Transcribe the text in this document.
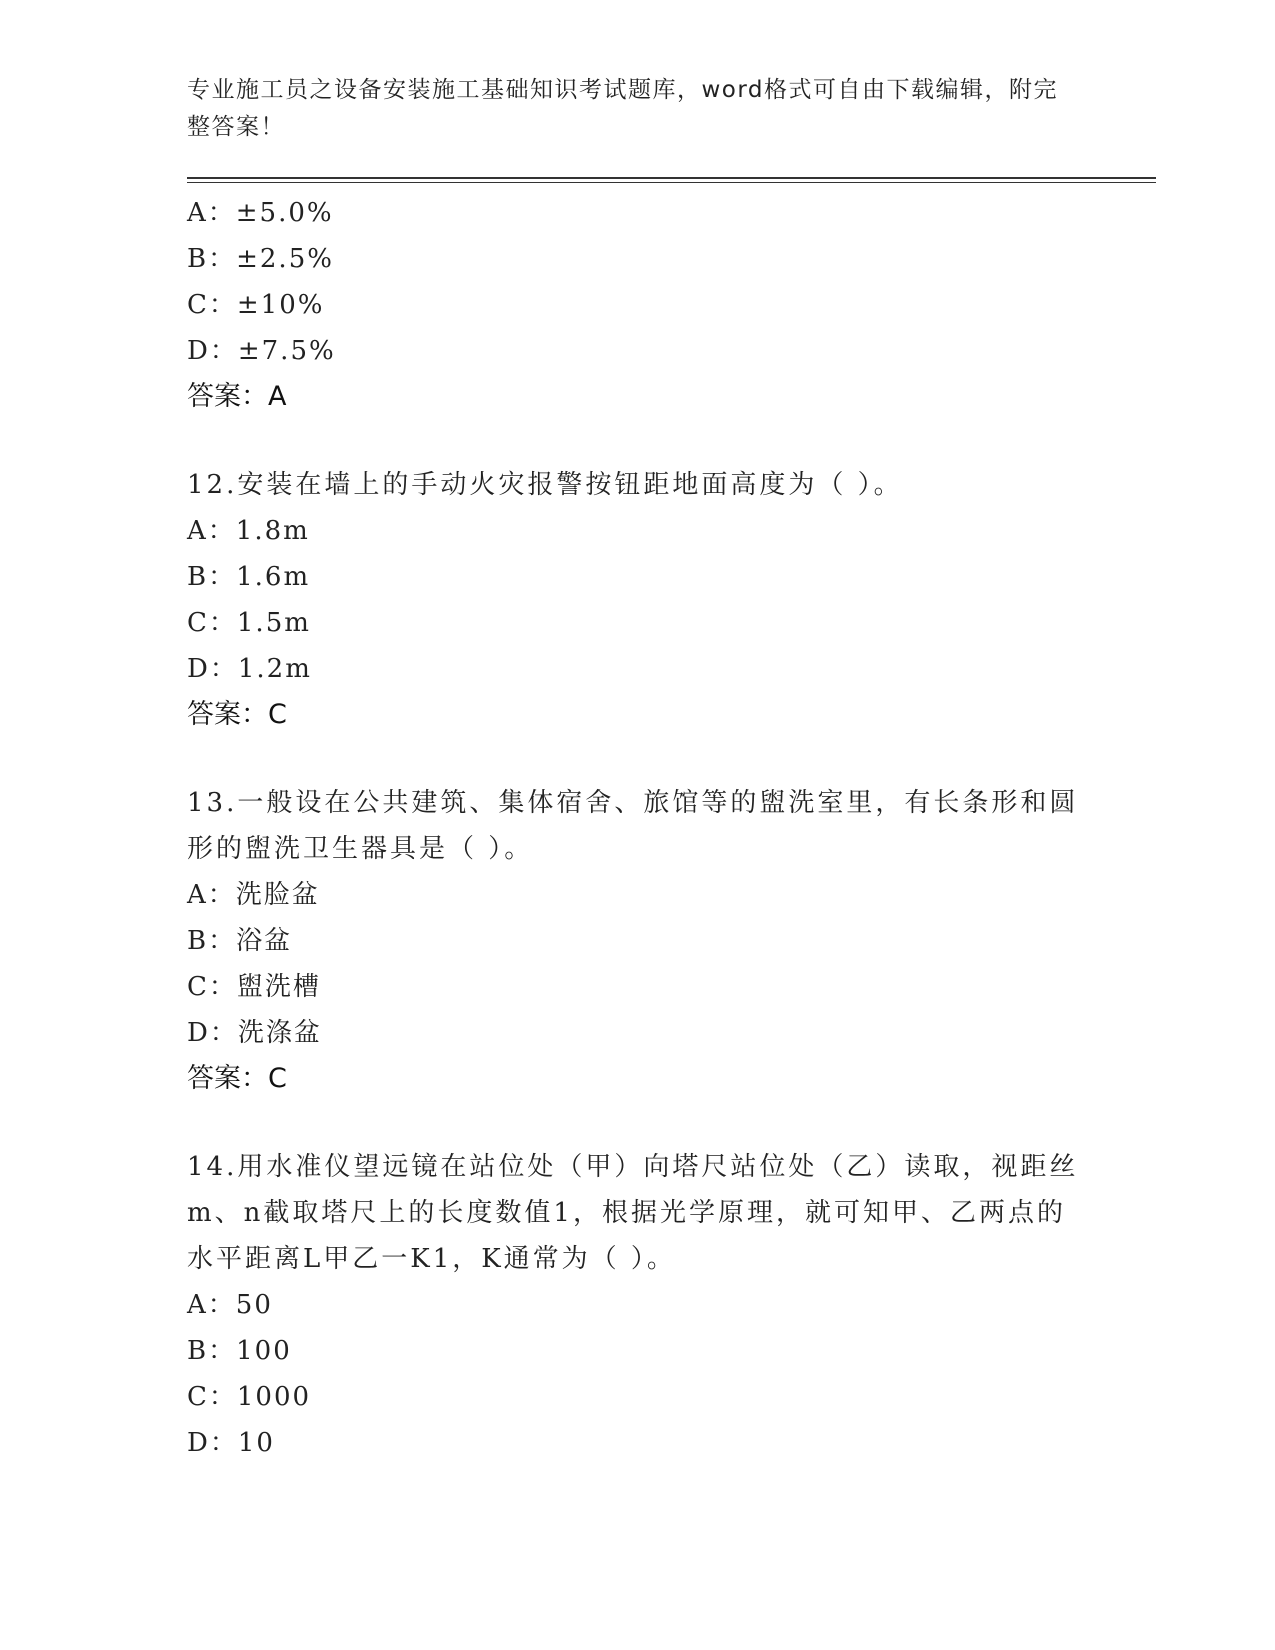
专业施工员之设备安装施工基础知识考试题库，word格式可自由下载编辑，附完
整答案！
A：±5.0%
B：±2.5%
C：±10%
D：±7.5%
答案：A
12.安装在墙上的手动火灾报警按钮距地面高度为（ ）。
A：1.8m
B：1.6m
C：1.5m
D：1.2m
答案：C
13.一般设在公共建筑、集体宿舍、旅馆等的盥洗室里，有长条形和圆
形的盥洗卫生器具是（ ）。
A：洗脸盆
B：浴盆
C：盥洗槽
D：洗涤盆
答案：C
14.用水准仪望远镜在站位处（甲）向塔尺站位处（乙）读取，视距丝
m、n截取塔尺上的长度数值1，根据光学原理，就可知甲、乙两点的
水平距离L甲乙一K1，K通常为（ ）。
A：50
B：100
C：1000
D：10
